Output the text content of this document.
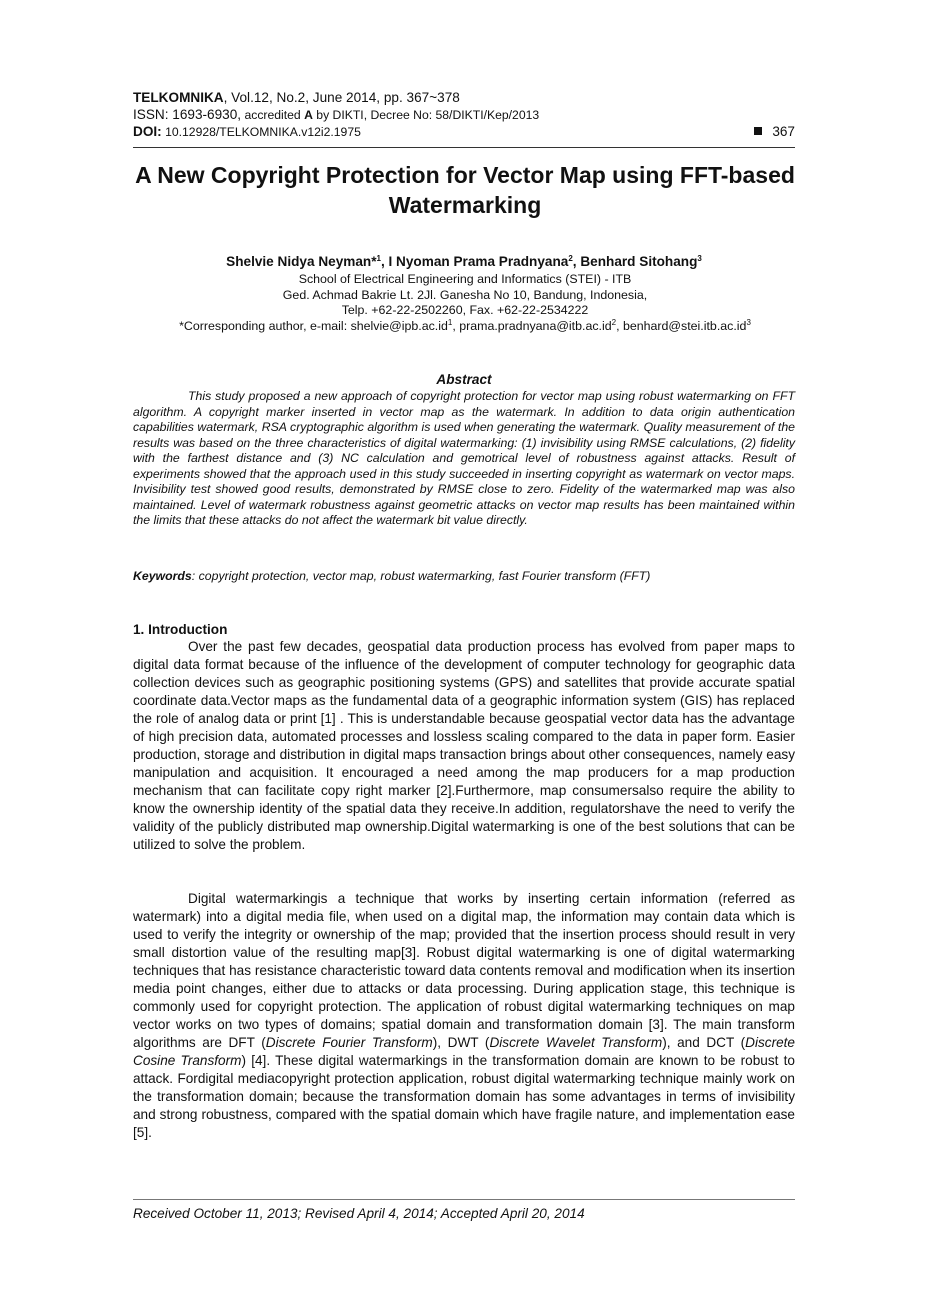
TELKOMNIKA, Vol.12, No.2, June 2014, pp. 367~378
ISSN: 1693-6930, accredited A by DIKTI, Decree No: 58/DIKTI/Kep/2013
DOI: 10.12928/TELKOMNIKA.v12i2.1975	367
A New Copyright Protection for Vector Map using FFT-based Watermarking
Shelvie Nidya Neyman*$^1$, I Nyoman Prama Pradnyana$^2$, Benhard Sitohang$^3$
School of Electrical Engineering and Informatics (STEI) - ITB
Ged. Achmad Bakrie Lt. 2Jl. Ganesha No 10, Bandung, Indonesia,
Telp. +62-22-2502260, Fax. +62-22-2534222
*Corresponding author, e-mail: $shelvie@ipb.ac.id^1$, $prama.pradnyana@itb.ac.id^2$, $benhard@stei.itb.ac.id^3$
Abstract
This study proposed a new approach of copyright protection for vector map using robust watermarking on FFT algorithm. A copyright marker inserted in vector map as the watermark. In addition to data origin authentication capabilities watermark, RSA cryptographic algorithm is used when generating the watermark. Quality measurement of the results was based on the three characteristics of digital watermarking: (1) invisibility using RMSE calculations, (2) fidelity with the farthest distance and (3) NC calculation and gemotrical level of robustness against attacks. Result of experiments showed that the approach used in this study succeeded in inserting copyright as watermark on vector maps. Invisibility test showed good results, demonstrated by RMSE close to zero. Fidelity of the watermarked map was also maintained. Level of watermark robustness against geometric attacks on vector map results has been maintained within the limits that these attacks do not affect the watermark bit value directly.
Keywords: copyright protection, vector map, robust watermarking, fast Fourier transform (FFT)
1. Introduction
Over the past few decades, geospatial data production process has evolved from paper maps to digital data format because of the influence of the development of computer technology for geographic data collection devices such as geographic positioning systems (GPS) and satellites that provide accurate spatial coordinate data.Vector maps as the fundamental data of a geographic information system (GIS) has replaced the role of analog data or print [1] . This is understandable because geospatial vector data has the advantage of high precision data, automated processes and lossless scaling compared to the data in paper form. Easier production, storage and distribution in digital maps transaction brings about other consequences, namely easy manipulation and acquisition. It encouraged a need among the map producers for a map production mechanism that can facilitate copy right marker [2].Furthermore, map consumersalso require the ability to know the ownership identity of the spatial data they receive.In addition, regulatorshave the need to verify the validity of the publicly distributed map ownership.Digital watermarking is one of the best solutions that can be utilized to solve the problem.
Digital watermarkingis a technique that works by inserting certain information (referred as watermark) into a digital media file, when used on a digital map, the information may contain data which is used to verify the integrity or ownership of the map; provided that the insertion process should result in very small distortion value of the resulting map[3]. Robust digital watermarking is one of digital watermarking techniques that has resistance characteristic toward data contents removal and modification when its insertion media point changes, either due to attacks or data processing. During application stage, this technique is commonly used for copyright protection. The application of robust digital watermarking techniques on map vector works on two types of domains; spatial domain and transformation domain [3]. The main transform algorithms are DFT (Discrete Fourier Transform), DWT (Discrete Wavelet Transform), and DCT (Discrete Cosine Transform) [4]. These digital watermarkings in the transformation domain are known to be robust to attack. Fordigital mediacopyright protection application, robust digital watermarking technique mainly work on the transformation domain; because the transformation domain has some advantages in terms of invisibility and strong robustness, compared with the spatial domain which have fragile nature, and implementation ease [5].
Received October 11, 2013; Revised April 4, 2014; Accepted April 20, 2014
